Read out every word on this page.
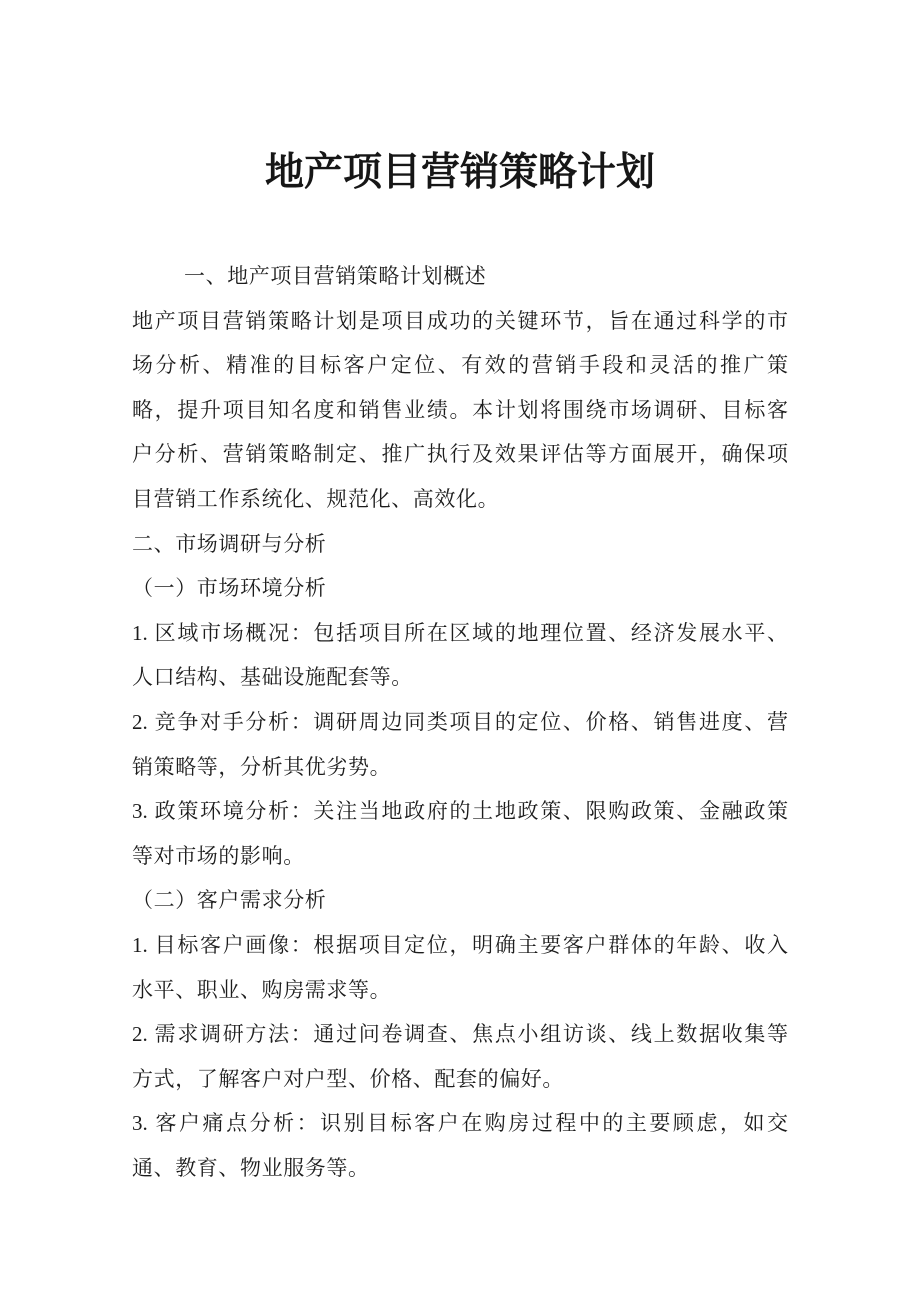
地产项目营销策略计划
一、地产项目营销策略计划概述
地产项目营销策略计划是项目成功的关键环节，旨在通过科学的市
场分析、精准的目标客户定位、有效的营销手段和灵活的推广策
略，提升项目知名度和销售业绩。本计划将围绕市场调研、目标客
户分析、营销策略制定、推广执行及效果评估等方面展开，确保项
目营销工作系统化、规范化、高效化。
二、市场调研与分析
（一）市场环境分析
1. 区域市场概况：包括项目所在区域的地理位置、经济发展水平、
人口结构、基础设施配套等。
2. 竞争对手分析：调研周边同类项目的定位、价格、销售进度、营
销策略等，分析其优劣势。
3. 政策环境分析：关注当地政府的土地政策、限购政策、金融政策
等对市场的影响。
（二）客户需求分析
1. 目标客户画像：根据项目定位，明确主要客户群体的年龄、收入
水平、职业、购房需求等。
2. 需求调研方法：通过问卷调查、焦点小组访谈、线上数据收集等
方式，了解客户对户型、价格、配套的偏好。
3. 客户痛点分析：识别目标客户在购房过程中的主要顾虑，如交
通、教育、物业服务等。
